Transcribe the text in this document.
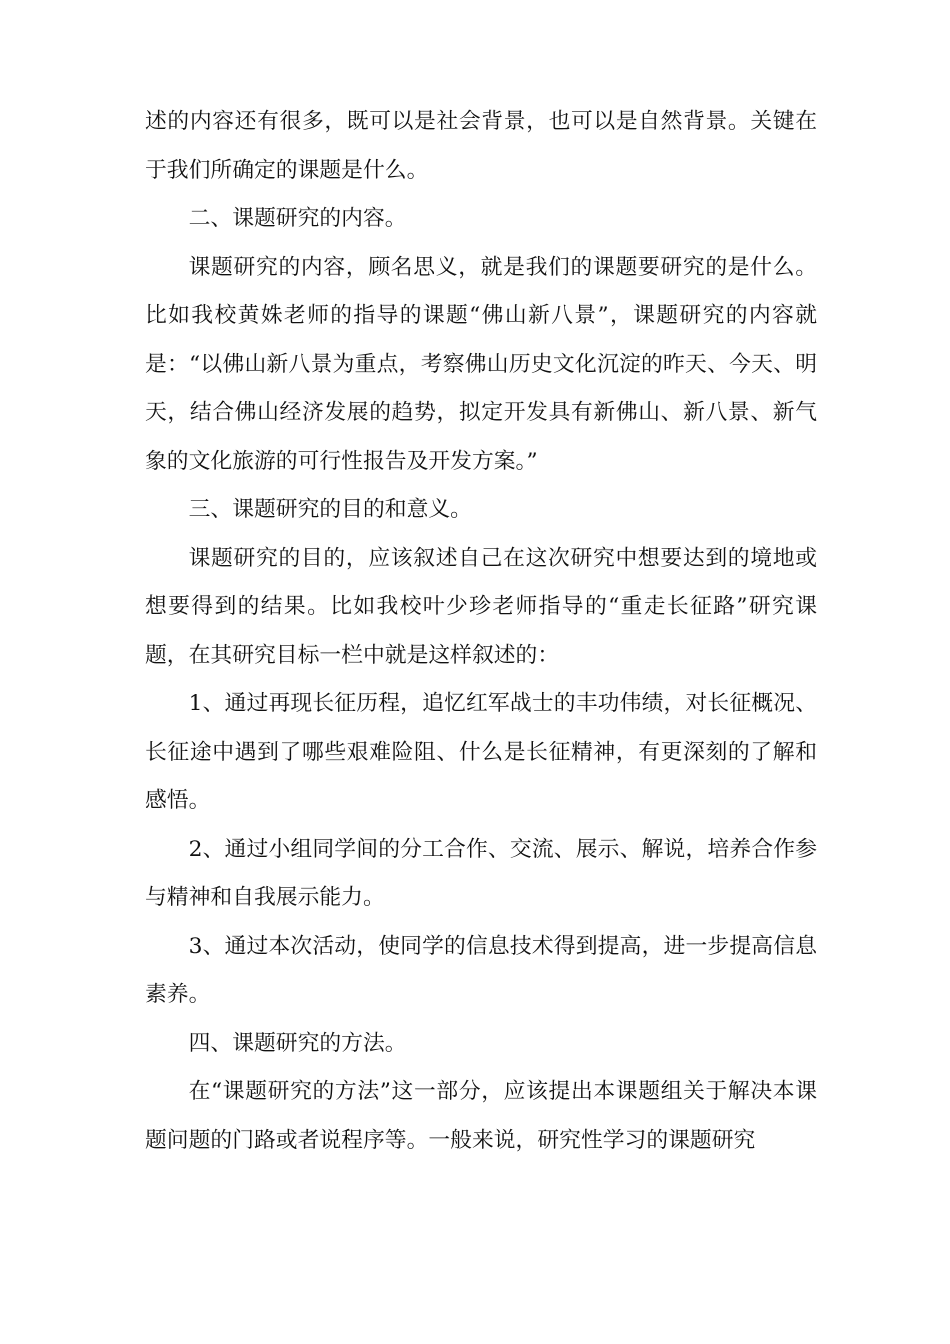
述的内容还有很多，既可以是社会背景，也可以是自然背景。关键在于我们所确定的课题是什么。

二、课题研究的内容。

课题研究的内容，顾名思义，就是我们的课题要研究的是什么。比如我校黄姝老师的指导的课题“佛山新八景”，课题研究的内容就是：“以佛山新八景为重点，考察佛山历史文化沉淀的昨天、今天、明天，结合佛山经济发展的趋势，拟定开发具有新佛山、新八景、新气象的文化旅游的可行性报告及开发方案。”

三、课题研究的目的和意义。

课题研究的目的，应该叙述自己在这次研究中想要达到的境地或想要得到的结果。比如我校叶少珍老师指导的“重走长征路”研究课题，在其研究目标一栏中就是这样叙述的：

1、通过再现长征历程，追忆红军战士的丰功伟绩，对长征概况、长征途中遇到了哪些艰难险阻、什么是长征精神，有更深刻的了解和感悟。

2、通过小组同学间的分工合作、交流、展示、解说，培养合作参与精神和自我展示能力。

3、通过本次活动，使同学的信息技术得到提高，进一步提高信息素养。

四、课题研究的方法。

在“课题研究的方法”这一部分，应该提出本课题组关于解决本课题问题的门路或者说程序等。一般来说，研究性学习的课题研究
